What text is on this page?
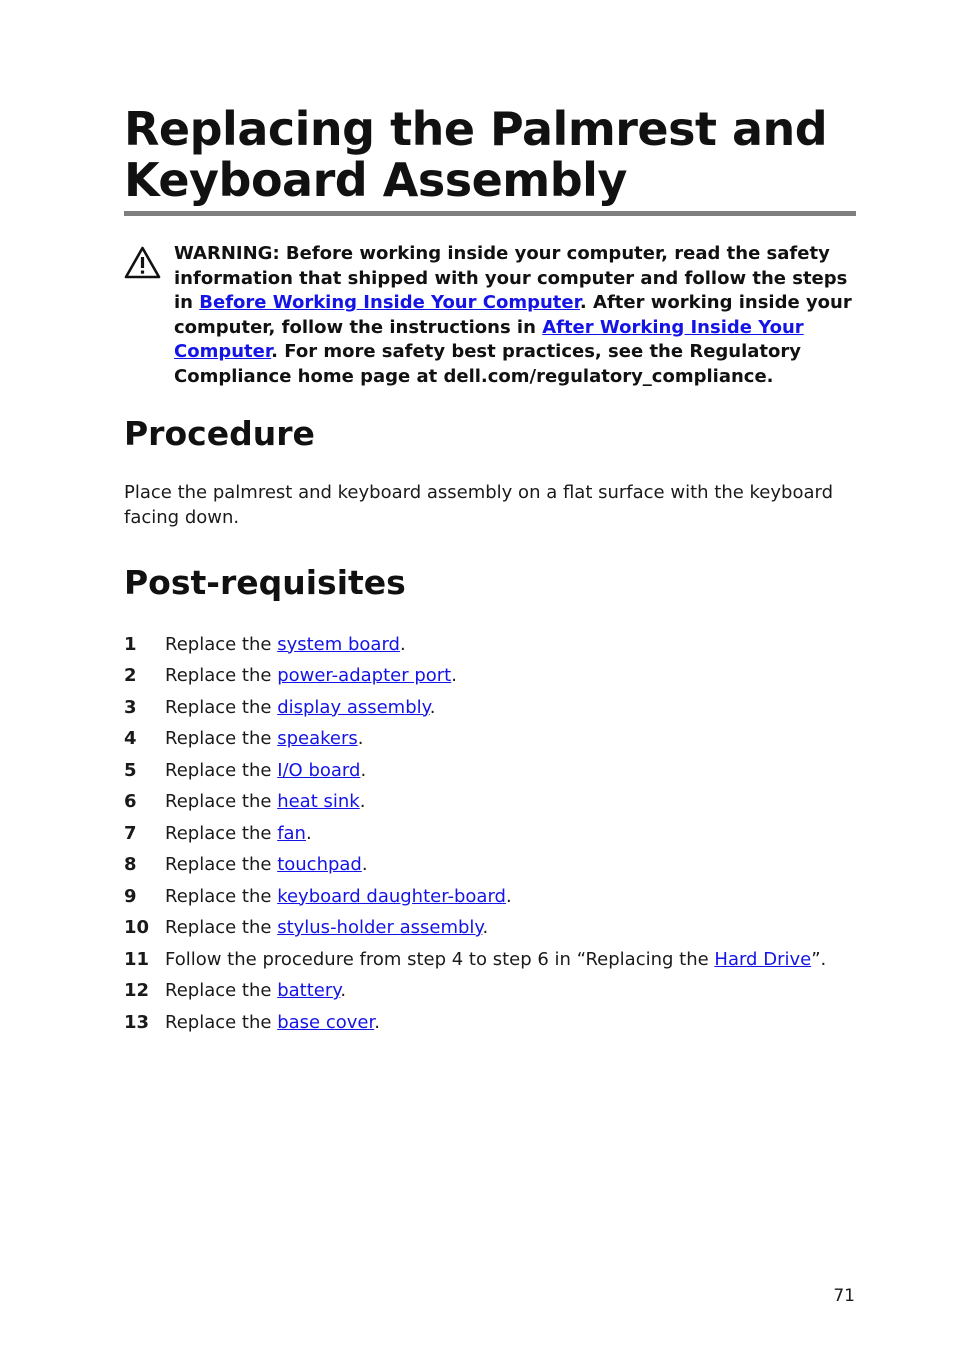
Replacing the Palmrest and Keyboard Assembly
WARNING: Before working inside your computer, read the safety information that shipped with your computer and follow the steps in Before Working Inside Your Computer. After working inside your computer, follow the instructions in After Working Inside Your Computer. For more safety best practices, see the Regulatory Compliance home page at dell.com/regulatory_compliance.
Procedure
Place the palmrest and keyboard assembly on a flat surface with the keyboard facing down.
Post-requisites
1 Replace the system board.
2 Replace the power-adapter port.
3 Replace the display assembly.
4 Replace the speakers.
5 Replace the I/O board.
6 Replace the heat sink.
7 Replace the fan.
8 Replace the touchpad.
9 Replace the keyboard daughter-board.
10 Replace the stylus-holder assembly.
11 Follow the procedure from step 4 to step 6 in “Replacing the Hard Drive”.
12 Replace the battery.
13 Replace the base cover.
71
